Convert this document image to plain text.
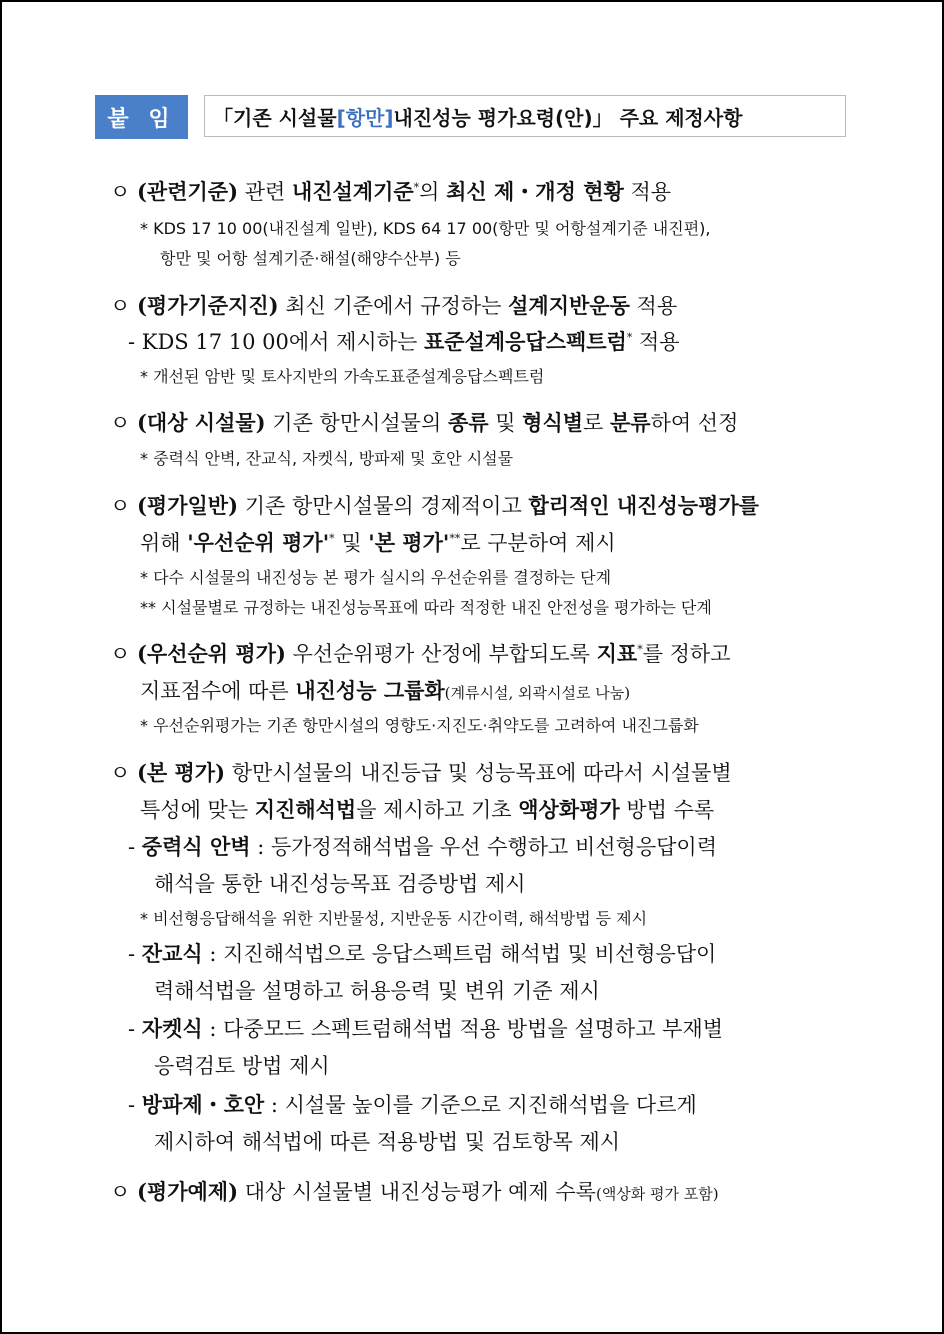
붙 임	「기존 시설물 [항만] 내진성능 평가요령(안)」 주요 제정사항
ㅇ (관련기준) 관련 내진설계기준*의 최신 제・개정 현황 적용
* KDS 17 10 00(내진설계 일반), KDS 64 17 00(항만 및 어항설계기준 내진편),
항만 및 어항 설계기준·해설(해양수산부) 등
ㅇ (평가기준지진) 최신 기준에서 규정하는 설계지반운동 적용
- KDS 17 10 00에서 제시하는 표준설계응답스펙트럼* 적용
* 개선된 암반 및 토사지반의 가속도표준설계응답스펙트럼
ㅇ (대상 시설물) 기존 항만시설물의 종류 및 형식별로 분류하여 선정
* 중력식 안벽, 잔교식, 자켓식, 방파제 및 호안 시설물
ㅇ (평가일반) 기존 항만시설물의 경제적이고 합리적인 내진성능평가를
위해 '우선순위 평가'* 및 '본 평가'**로 구분하여 제시
* 다수 시설물의 내진성능 본 평가 실시의 우선순위를 결정하는 단계
** 시설물별로 규정하는 내진성능목표에 따라 적정한 내진 안전성을 평가하는 단계
ㅇ (우선순위 평가) 우선순위평가 산정에 부합되도록 지표*를 정하고
지표점수에 따른 내진성능 그룹화(계류시설, 외곽시설로 나눔)
* 우선순위평가는 기존 항만시설의 영향도·지진도·취약도를 고려하여 내진그룹화
ㅇ (본 평가) 항만시설물의 내진등급 및 성능목표에 따라서 시설물별
특성에 맞는 지진해석법을 제시하고 기초 액상화평가 방법 수록
- 중력식 안벽 : 등가정적해석법을 우선 수행하고 비선형응답이력
해석을 통한 내진성능목표 검증방법 제시
* 비선형응답해석을 위한 지반물성, 지반운동 시간이력, 해석방법 등 제시
- 잔교식 : 지진해석법으로 응답스펙트럼 해석법 및 비선형응답이
력해석법을 설명하고 허용응력 및 변위 기준 제시
- 자켓식 : 다중모드 스펙트럼해석법 적용 방법을 설명하고 부재별
응력검토 방법 제시
- 방파제・호안 : 시설물 높이를 기준으로 지진해석법을 다르게
제시하여 해석법에 따른 적용방법 및 검토항목 제시
ㅇ (평가예제) 대상 시설물별 내진성능평가 예제 수록(액상화 평가 포함)
